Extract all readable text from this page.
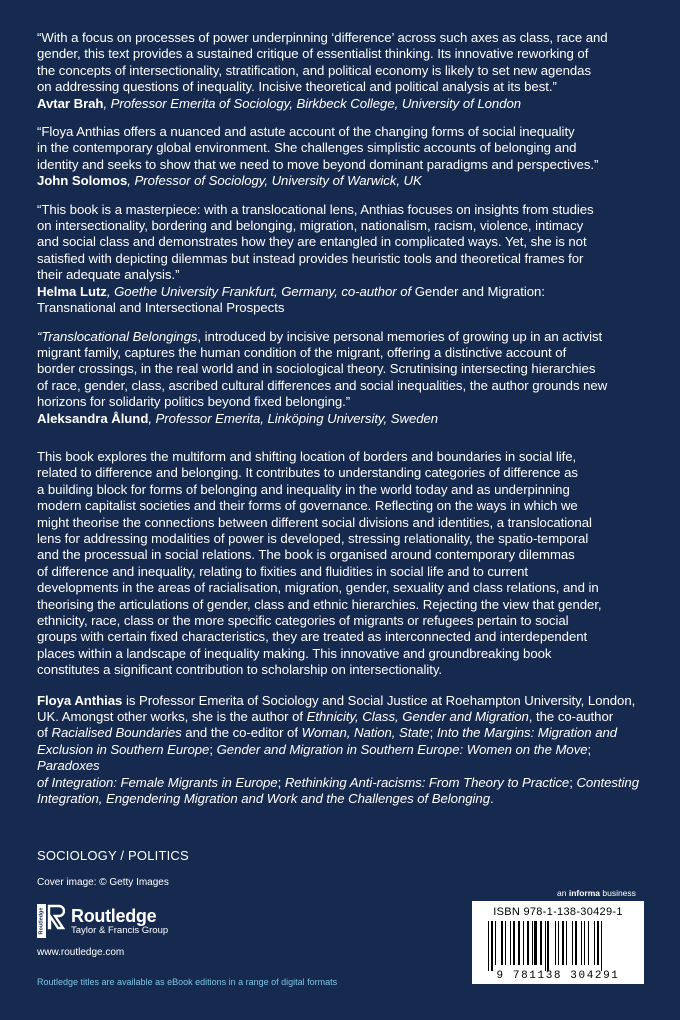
“With a focus on processes of power underpinning ‘difference’ across such axes as class, race and

gender, this text provides a sustained critique of essentialist thinking. Its innovative reworking of

the concepts of intersectionality, stratification, and political economy is likely to set new agendas

on addressing questions of inequality. Incisive theoretical and political analysis at its best.”

Avtar Brah, Professor Emerita of Sociology, Birkbeck College, University of London

“Floya Anthias offers a nuanced and astute account of the changing forms of social inequality

in the contemporary global environment. She challenges simplistic accounts of belonging and

identity and seeks to show that we need to move beyond dominant paradigms and perspectives.”

John Solomos, Professor of Sociology, University of Warwick, UK

“This book is a masterpiece: with a translocational lens, Anthias focuses on insights from studies

on intersectionality, bordering and belonging, migration, nationalism, racism, violence, intimacy

and social class and demonstrates how they are entangled in complicated ways. Yet, she is not

satisfied with depicting dilemmas but instead provides heuristic tools and theoretical frames for

their adequate analysis.”

Helma Lutz, Goethe University Frankfurt, Germany, co-author of Gender and Migration:

Transnational and Intersectional Prospects

“Translocational Belongings, introduced by incisive personal memories of growing up in an activist

migrant family, captures the human condition of the migrant, offering a distinctive account of

border crossings, in the real world and in sociological theory. Scrutinising intersecting hierarchies

of race, gender, class, ascribed cultural differences and social inequalities, the author grounds new

horizons for solidarity politics beyond fixed belonging.”

Aleksandra Ålund, Professor Emerita, Linköping University, Sweden

This book explores the multiform and shifting location of borders and boundaries in social life,
related to difference and belonging. It contributes to understanding categories of difference as
a building block for forms of belonging and inequality in the world today and as underpinning
modern capitalist societies and their forms of governance. Reflecting on the ways in which we
might theorise the connections between different social divisions and identities, a translocational
lens for addressing modalities of power is developed, stressing relationality, the spatio-temporal
and the processual in social relations. The book is organised around contemporary dilemmas
of difference and inequality, relating to fixities and fluidities in social life and to current
developments in the areas of racialisation, migration, gender, sexuality and class relations, and in
theorising the articulations of gender, class and ethnic hierarchies. Rejecting the view that gender,
ethnicity, race, class or the more specific categories of migrants or refugees pertain to social
groups with certain fixed characteristics, they are treated as interconnected and interdependent
places within a landscape of inequality making. This innovative and groundbreaking book
constitutes a significant contribution to scholarship on intersectionality.
Floya Anthias is Professor Emerita of Sociology and Social Justice at Roehampton University, London,
UK. Amongst other works, she is the author of Ethnicity, Class, Gender and Migration, the co-author
of Racialised Boundaries and the co-editor of Woman, Nation, State; Into the Margins: Migration and
Exclusion in Southern Europe; Gender and Migration in Southern Europe: Women on the Move; Paradoxes
of Integration: Female Migrants in Europe; Rethinking Anti-racisms: From Theory to Practice; Contesting
Integration, Engendering Migration and Work and the Challenges of Belonging.
SOCIOLOGY / POLITICS
Cover image: © Getty Images
Routledge Routledge
Taylor & Francis Group
www.routledge.com
Routledge titles are available as eBook editions in a range of digital formats
an informa business
ISBN 978-1-138-30429-1
9 781138 304291
